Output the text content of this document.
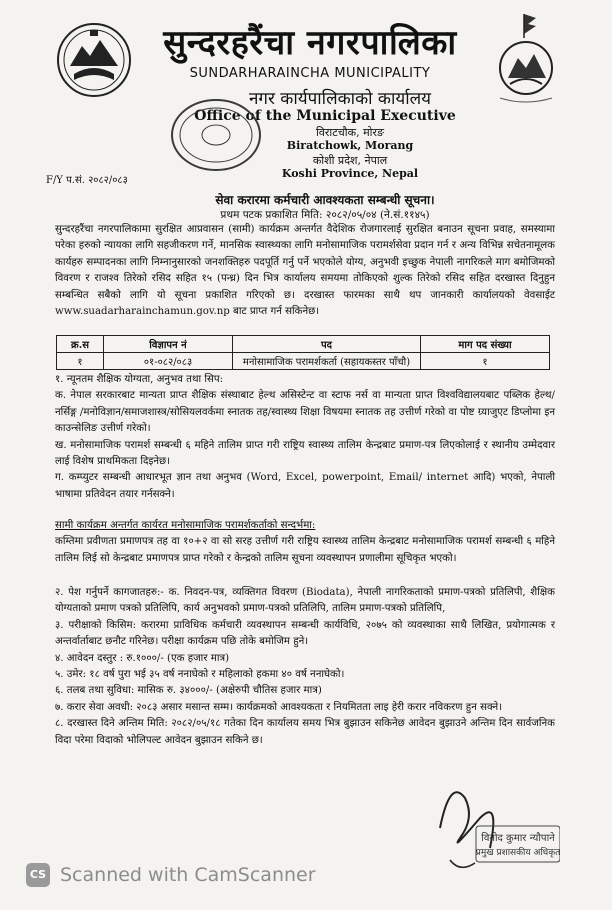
सुन्दरहरैंचा नगरपालिका
SUNDARHARAINCHA MUNICIPALITY
नगर कार्यपालिकाको कार्यालय
Office of the Municipal Executive
विराटचौक, मोरङ
Biratchowk, Morang
कोशी प्रदेश, नेपाल
Koshi Province, Nepal
F/Y प.सं. २०८२/०८३
सेवा करारमा कर्मचारी आवश्यकता सम्बन्धी सूचना।
प्रथम पटक प्रकाशित मिति: २०८२/०५/०४ (ने.सं.११४५)

सुन्दरहरैंचा नगरपालिकामा सुरक्षित आप्रवासन (सामी) कार्यक्रम अन्तर्गत वैदेशिक रोजगारलाई सुरक्षित बनाउन सूचना प्रवाह, समस्यामा परेका हरुको न्यायका लागि सहजीकरण गर्ने, मानसिक स्वास्थ्यका लागि मनोसामाजिक परामर्शसेवा प्रदान गर्न र अन्य विभिन्न सचेतनामूलक कार्यहरु सम्पादनका लागि निम्नानुसारको जनशक्तिहरु पदपूर्ति गर्नु पर्ने भएकोले योग्य, अनुभवी इच्छुक नेपाली नागरिकले माग बमोजिमको विवरण र राजश्व तिरेको रसिद सहित १५ (पन्ध्र) दिन भित्र कार्यालय समयमा तोकिएको शुल्क तिरेको रसिद सहित दरखास्त दिनुहुन सम्बन्धित सबैको लागि यो सूचना प्रकाशित गरिएको छ। दरखास्त फारमका साथै थप जानकारी कार्यालयको वेवसाईट www.suadarharainchamun.gov.np बाट प्राप्त गर्न सकिनेछ।

क्र.स	विज्ञापन नं	पद	माग पद संख्या
१	०१-०८२/०८३	मनोसामाजिक परामर्शकर्ता (सहायकस्तर पाँचौ)	१

१. न्यूनतम शैक्षिक योग्यता, अनुभव तथा सिप:

क. नेपाल सरकारबाट मान्यता प्राप्त शैक्षिक संस्थाबाट हेल्थ असिस्टेन्ट वा स्टाफ नर्स वा मान्यता प्राप्त विश्वविद्यालयबाट पब्लिक हेल्थ/नर्सिङ्ग /मनोविज्ञान/समाजशास्त्र/सोसियलवर्कमा स्नातक तह/स्वास्थ्य शिक्षा विषयमा स्नातक तह उत्तीर्ण गरेको वा पोष्ट ग्र्याजुएट डिप्लोमा इन काउन्सेलिङ उत्तीर्ण गरेको।

ख. मनोसामाजिक परामर्श सम्बन्धी ६ महिने तालिम प्राप्त गरी राष्ट्रिय स्वास्थ्य तालिम केन्द्रबाट प्रमाण-पत्र लिएकोलाई र स्थानीय उम्मेदवार लाई विशेष प्राथमिकता दिइनेछ।

ग. कम्प्युटर सम्बन्धी आधारभूत ज्ञान तथा अनुभव (Word, Excel, powerpoint, Email/ internet आदि) भएको, नेपाली भाषामा प्रतिवेदन तयार गर्नसक्ने।

सामी कार्यक्रम अन्तर्गत कार्यरत मनोसामाजिक परामर्शकर्ताको सन्दर्भमा:

कम्तिमा प्रवीणता प्रमाणपत्र तह वा १०+२ वा सो सरह उत्तीर्ण गरी राष्ट्रिय स्वास्थ्य तालिम केन्द्रबाट मनोसामाजिक परामर्श सम्बन्धी ६ महिने तालिम लिई सो केन्द्रबाट प्रमाणपत्र प्राप्त गरेको र केन्द्रको तालिम सूचना व्यवस्थापन प्रणालीमा सूचिकृत भएको।

२. पेश गर्नुपर्ने कागजातहरु:- क. निवदन-पत्र, व्यक्तिगत विवरण (Biodata), नेपाली नागरिकताको प्रमाण-पत्रको प्रतिलिपी, शैक्षिक योग्यताको प्रमाण पत्रको प्रतिलिपि, कार्य अनुभवको प्रमाण-पत्रको प्रतिलिपि, तालिम प्रमाण-पत्रको प्रतिलिपि,

३. परीक्षाको किसिम: करारमा प्राविधिक कर्मचारी व्यवस्थापन सम्बन्धी कार्यविधि, २०७५ को व्यवस्थाका साथै लिखित, प्रयोगात्मक र अन्तर्वार्ताबाट छनौट गरिनेछ। परीक्षा कार्यक्रम पछि तोके बमोजिम हुने।

४. आवेदन दस्तुर : रु.१०००/- (एक हजार मात्र)

५. उमेर: १८ वर्ष पुरा भई ३५ वर्ष ननाघेको र महिलाको हकमा ४० वर्ष ननाघेको।

६. तलब तथा सुविधा: मासिक रु. ३४०००/- (अक्षेरुपी चौतिस हजार मात्र)

७. करार सेवा अवधी: २०८३ असार मसान्त सम्म। कार्यक्रमको आवश्यकता र नियमितता लाइ हेरी करार नविकरण हुन सक्ने।

८. दरखास्त दिने अन्तिम मिति: २०८२/०५/१८ गतेका दिन कार्यालय समय भित्र बुझाउन सकिनेछ आवेदन बुझाउने अन्तिम दिन सार्वजनिक विदा परेमा विदाको भोलिपल्ट आवेदन बुझाउन सकिने छ।

विनोद कुमार न्यौपाने
प्रमुख प्रशासकीय अधिकृत
CS Scanned with CamScanner
